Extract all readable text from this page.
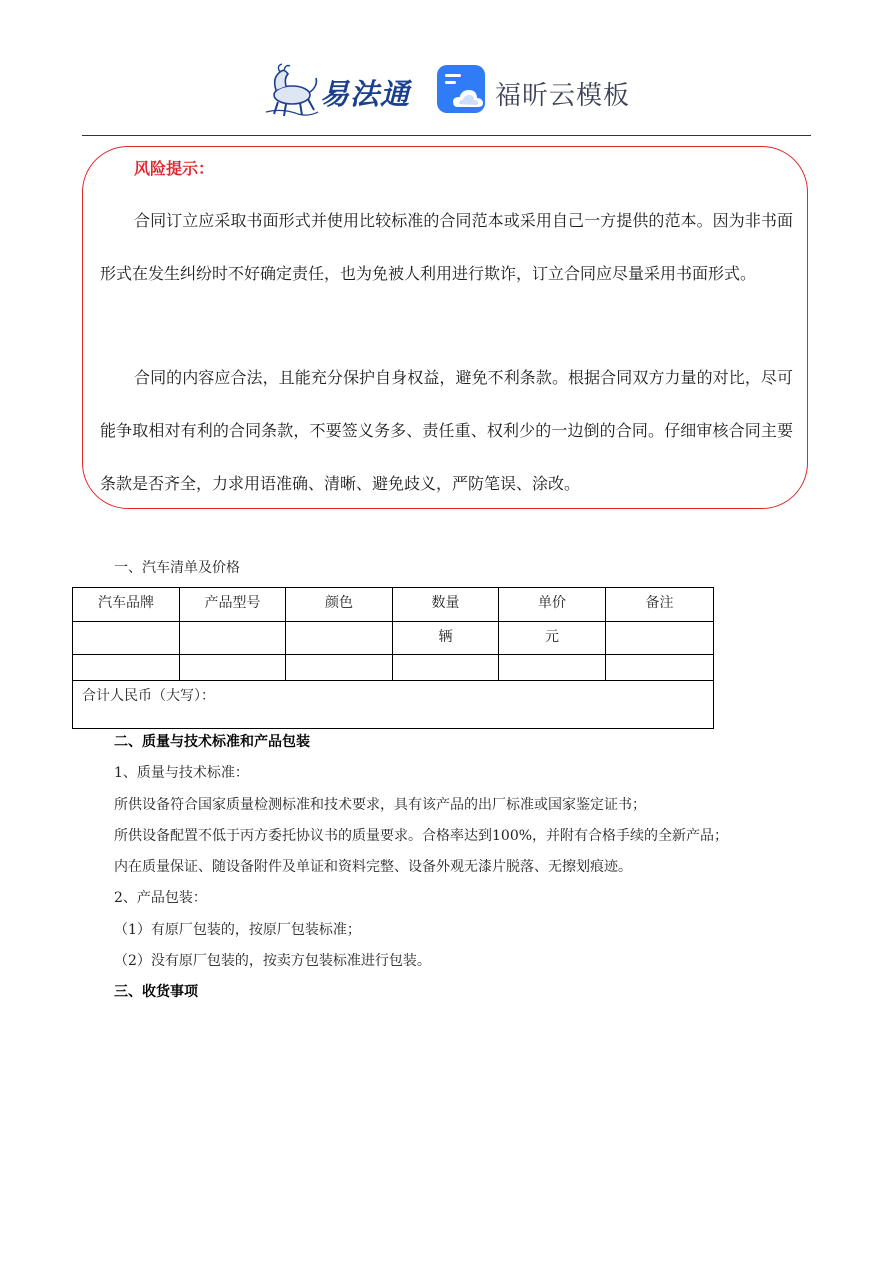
易法通	福昕云模板
风险提示：

合同订立应采取书面形式并使用比较标准的合同范本或采用自己一方提供的范本。因为非书面形式在发生纠纷时不好确定责任，也为免被人利用进行欺诈，订立合同应尽量采用书面形式。

合同的内容应合法，且能充分保护自身权益，避免不利条款。根据合同双方力量的对比，尽可能争取相对有利的合同条款，不要签义务多、责任重、权利少的一边倒的合同。仔细审核合同主要条款是否齐全，力求用语准确、清晰、避免歧义，严防笔误、涂改。

一、汽车清单及价格
汽车品牌	产品型号	颜色	数量	单价	备注
			辆	元	

合计人民币（大写）：					
二、质量与技术标准和产品包装
1、质量与技术标准：
所供设备符合国家质量检测标准和技术要求，具有该产品的出厂标准或国家鉴定证书；
所供设备配置不低于丙方委托协议书的质量要求。合格率达到100%，并附有合格手续的全新产品；
内在质量保证、随设备附件及单证和资料完整、设备外观无漆片脱落、无擦划痕迹。
2、产品包装：
（1）有原厂包装的，按原厂包装标准；
（2）没有原厂包装的，按卖方包装标准进行包装。
三、收货事项
